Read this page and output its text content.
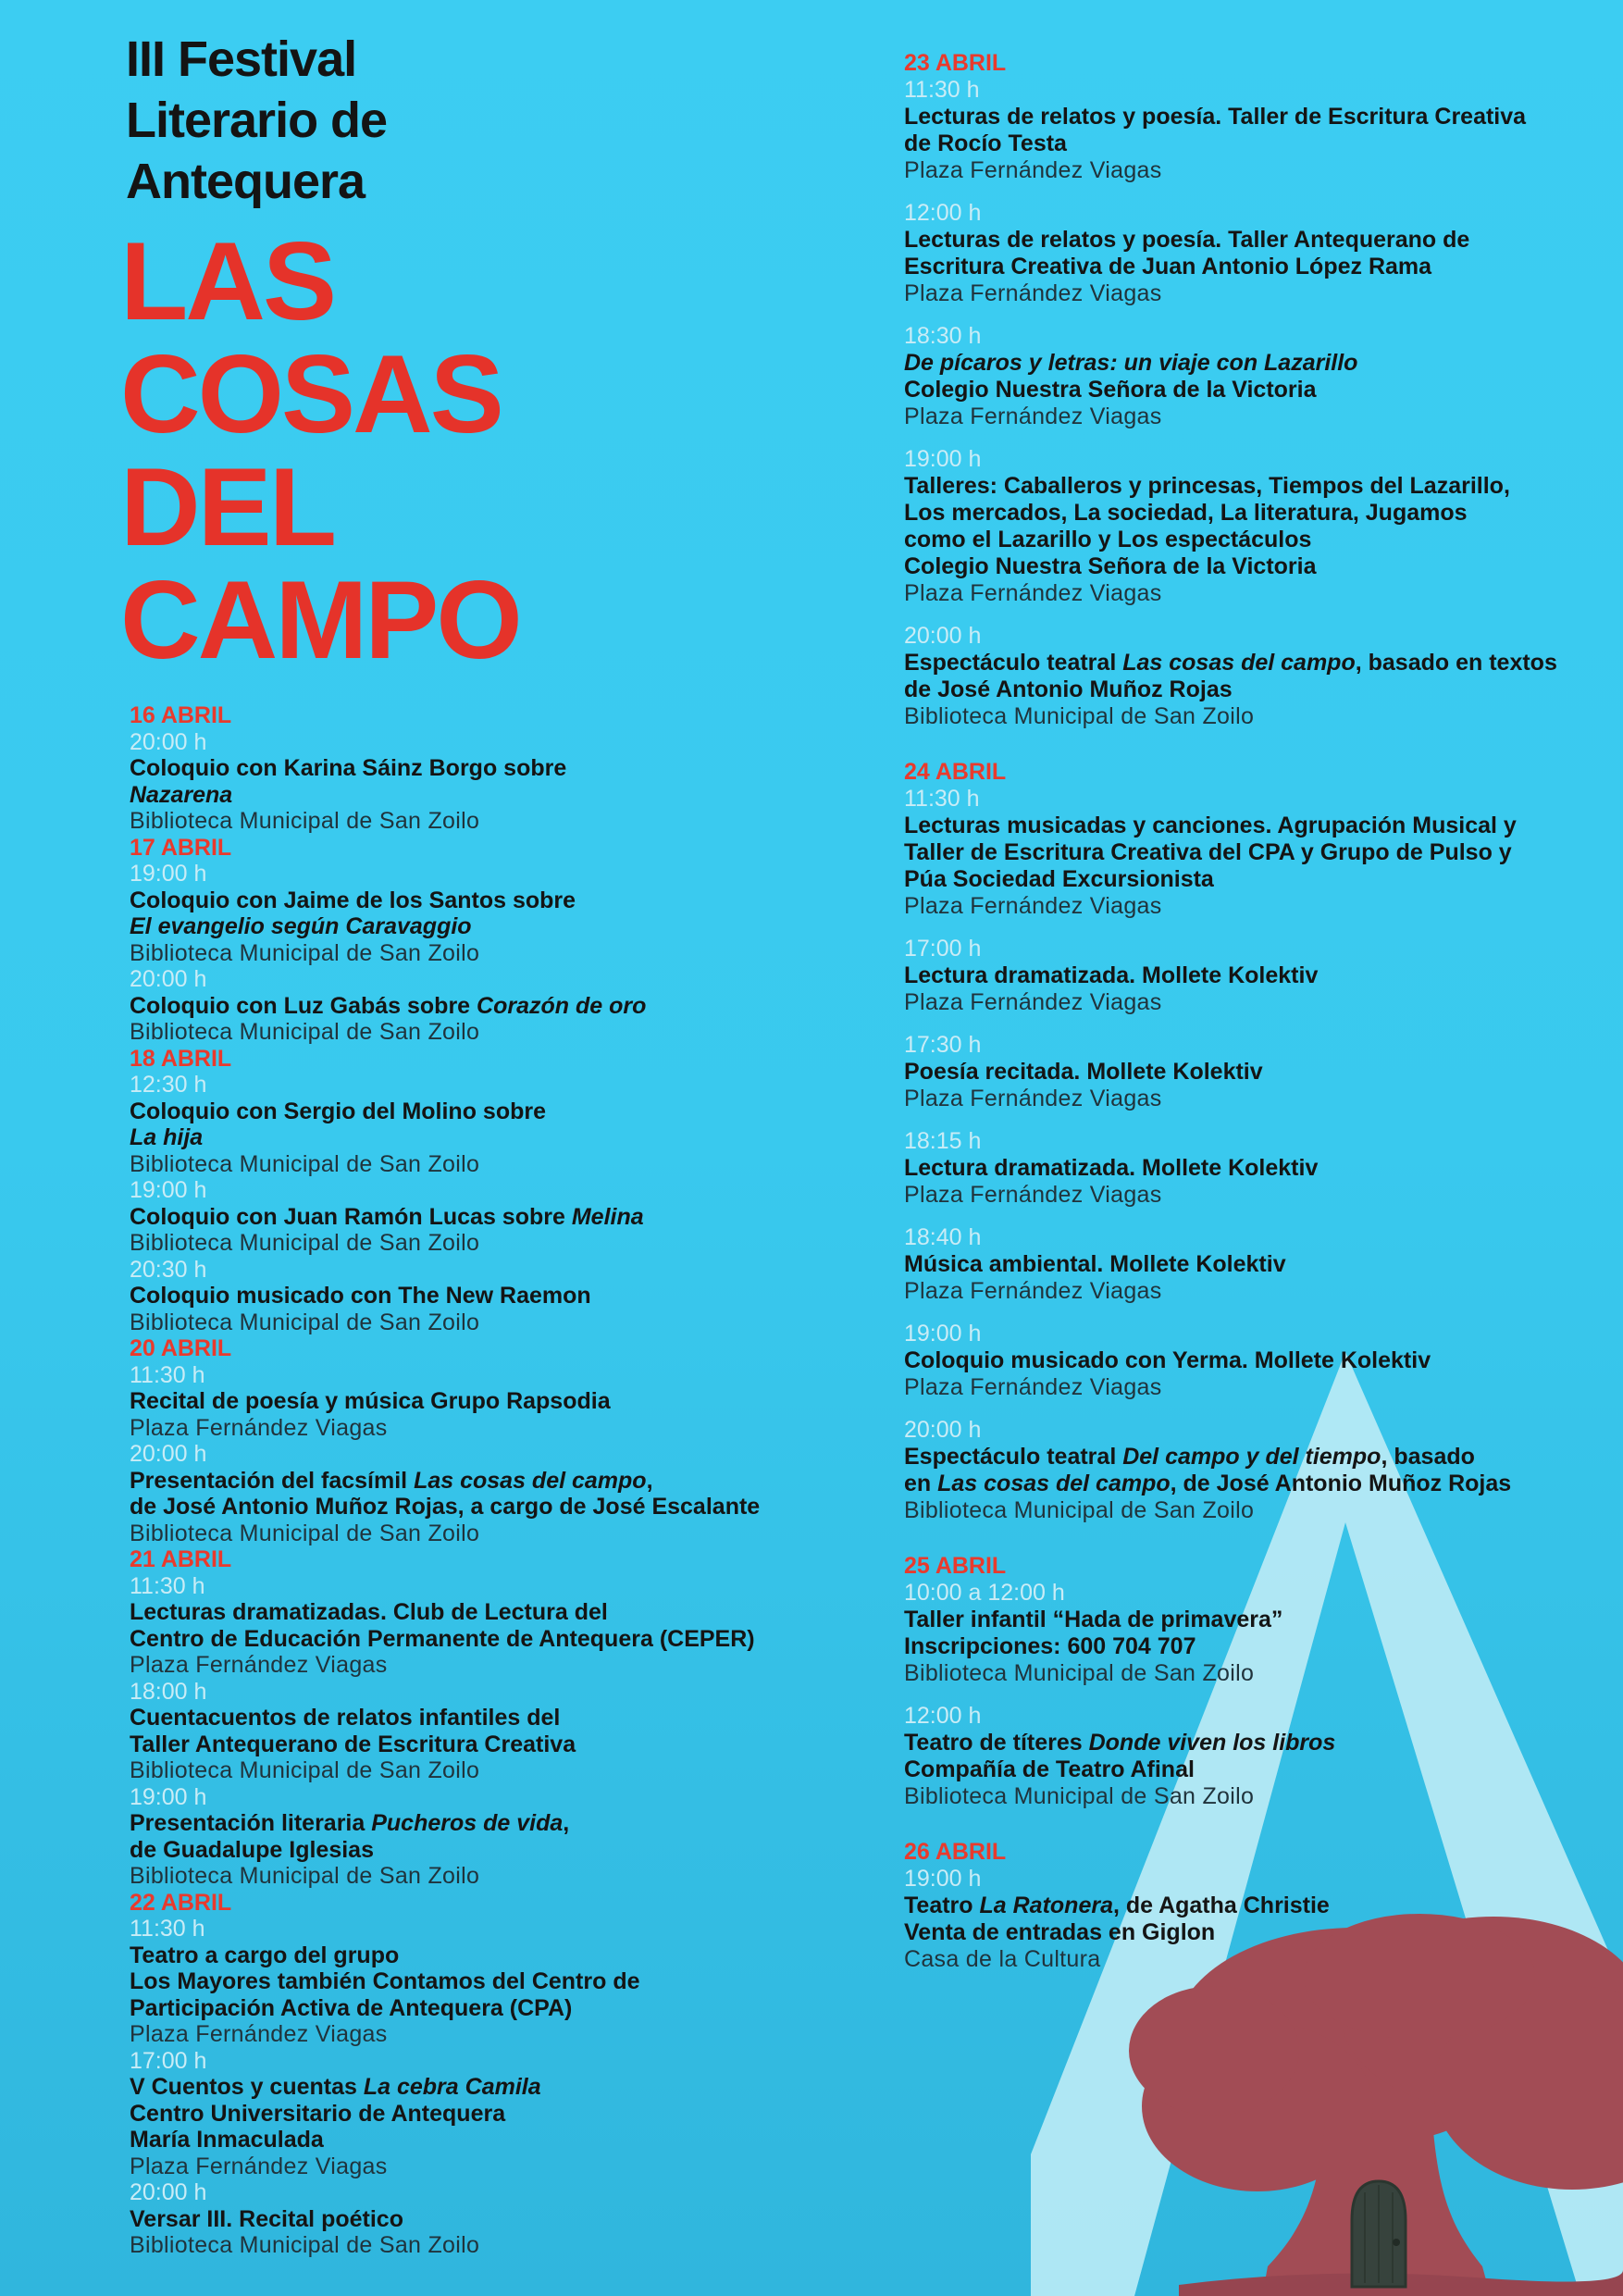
III Festival
Literario de
Antequera
LAS
COSAS
DEL
CAMPO
16 ABRIL
20:00 h
Coloquio con Karina Sáinz Borgo sobre
Nazarena
Biblioteca Municipal de San Zoilo
17 ABRIL
19:00 h
Coloquio con Jaime de los Santos sobre
El evangelio según Caravaggio
Biblioteca Municipal de San Zoilo
20:00 h
Coloquio con Luz Gabás sobre Corazón de oro
Biblioteca Municipal de San Zoilo
18 ABRIL
12:30 h
Coloquio con Sergio del Molino sobre
La hija
Biblioteca Municipal de San Zoilo
19:00 h
Coloquio con Juan Ramón Lucas sobre Melina
Biblioteca Municipal de San Zoilo
20:30 h
Coloquio musicado con The New Raemon
Biblioteca Municipal de San Zoilo
20 ABRIL
11:30 h
Recital de poesía y música Grupo Rapsodia
Plaza Fernández Viagas
20:00 h
Presentación del facsímil Las cosas del campo,
de José Antonio Muñoz Rojas, a cargo de José Escalante
Biblioteca Municipal de San Zoilo
21 ABRIL
11:30 h
Lecturas dramatizadas. Club de Lectura del
Centro de Educación Permanente de Antequera (CEPER)
Plaza Fernández Viagas
18:00 h
Cuentacuentos de relatos infantiles del
Taller Antequerano de Escritura Creativa
Biblioteca Municipal de San Zoilo
19:00 h
Presentación literaria Pucheros de vida,
de Guadalupe Iglesias
Biblioteca Municipal de San Zoilo
22 ABRIL
11:30 h
Teatro a cargo del grupo
Los Mayores también Contamos del Centro de
Participación Activa de Antequera (CPA)
Plaza Fernández Viagas
17:00 h
V Cuentos y cuentas La cebra Camila
Centro Universitario de Antequera
María Inmaculada
Plaza Fernández Viagas
20:00 h
Versar III. Recital poético
Biblioteca Municipal de San Zoilo
23 ABRIL
11:30 h
Lecturas de relatos y poesía. Taller de Escritura Creativa
de Rocío Testa
Plaza Fernández Viagas
12:00 h
Lecturas de relatos y poesía. Taller Antequerano de
Escritura Creativa de Juan Antonio López Rama
Plaza Fernández Viagas
18:30 h
De pícaros y letras: un viaje con Lazarillo
Colegio Nuestra Señora de la Victoria
Plaza Fernández Viagas
19:00 h
Talleres: Caballeros y princesas, Tiempos del Lazarillo,
Los mercados, La sociedad, La literatura, Jugamos
como el Lazarillo y Los espectáculos
Colegio Nuestra Señora de la Victoria
Plaza Fernández Viagas
20:00 h
Espectáculo teatral Las cosas del campo, basado en textos
de José Antonio Muñoz Rojas
Biblioteca Municipal de San Zoilo
24 ABRIL
11:30 h
Lecturas musicadas y canciones. Agrupación Musical y
Taller de Escritura Creativa del CPA y Grupo de Pulso y
Púa Sociedad Excursionista
Plaza Fernández Viagas
17:00 h
Lectura dramatizada. Mollete Kolektiv
Plaza Fernández Viagas
17:30 h
Poesía recitada. Mollete Kolektiv
Plaza Fernández Viagas
18:15 h
Lectura dramatizada. Mollete Kolektiv
Plaza Fernández Viagas
18:40 h
Música ambiental. Mollete Kolektiv
Plaza Fernández Viagas
19:00 h
Coloquio musicado con Yerma. Mollete Kolektiv
Plaza Fernández Viagas
20:00 h
Espectáculo teatral Del campo y del tiempo, basado
en Las cosas del campo, de José Antonio Muñoz Rojas
Biblioteca Municipal de San Zoilo
25 ABRIL
10:00 a 12:00 h
Taller infantil “Hada de primavera”
Inscripciones: 600 704 707
Biblioteca Municipal de San Zoilo
12:00 h
Teatro de títeres Donde viven los libros
Compañía de Teatro Afinal
Biblioteca Municipal de San Zoilo
26 ABRIL
19:00 h
Teatro La Ratonera, de Agatha Christie
Venta de entradas en Giglon
Casa de la Cultura
